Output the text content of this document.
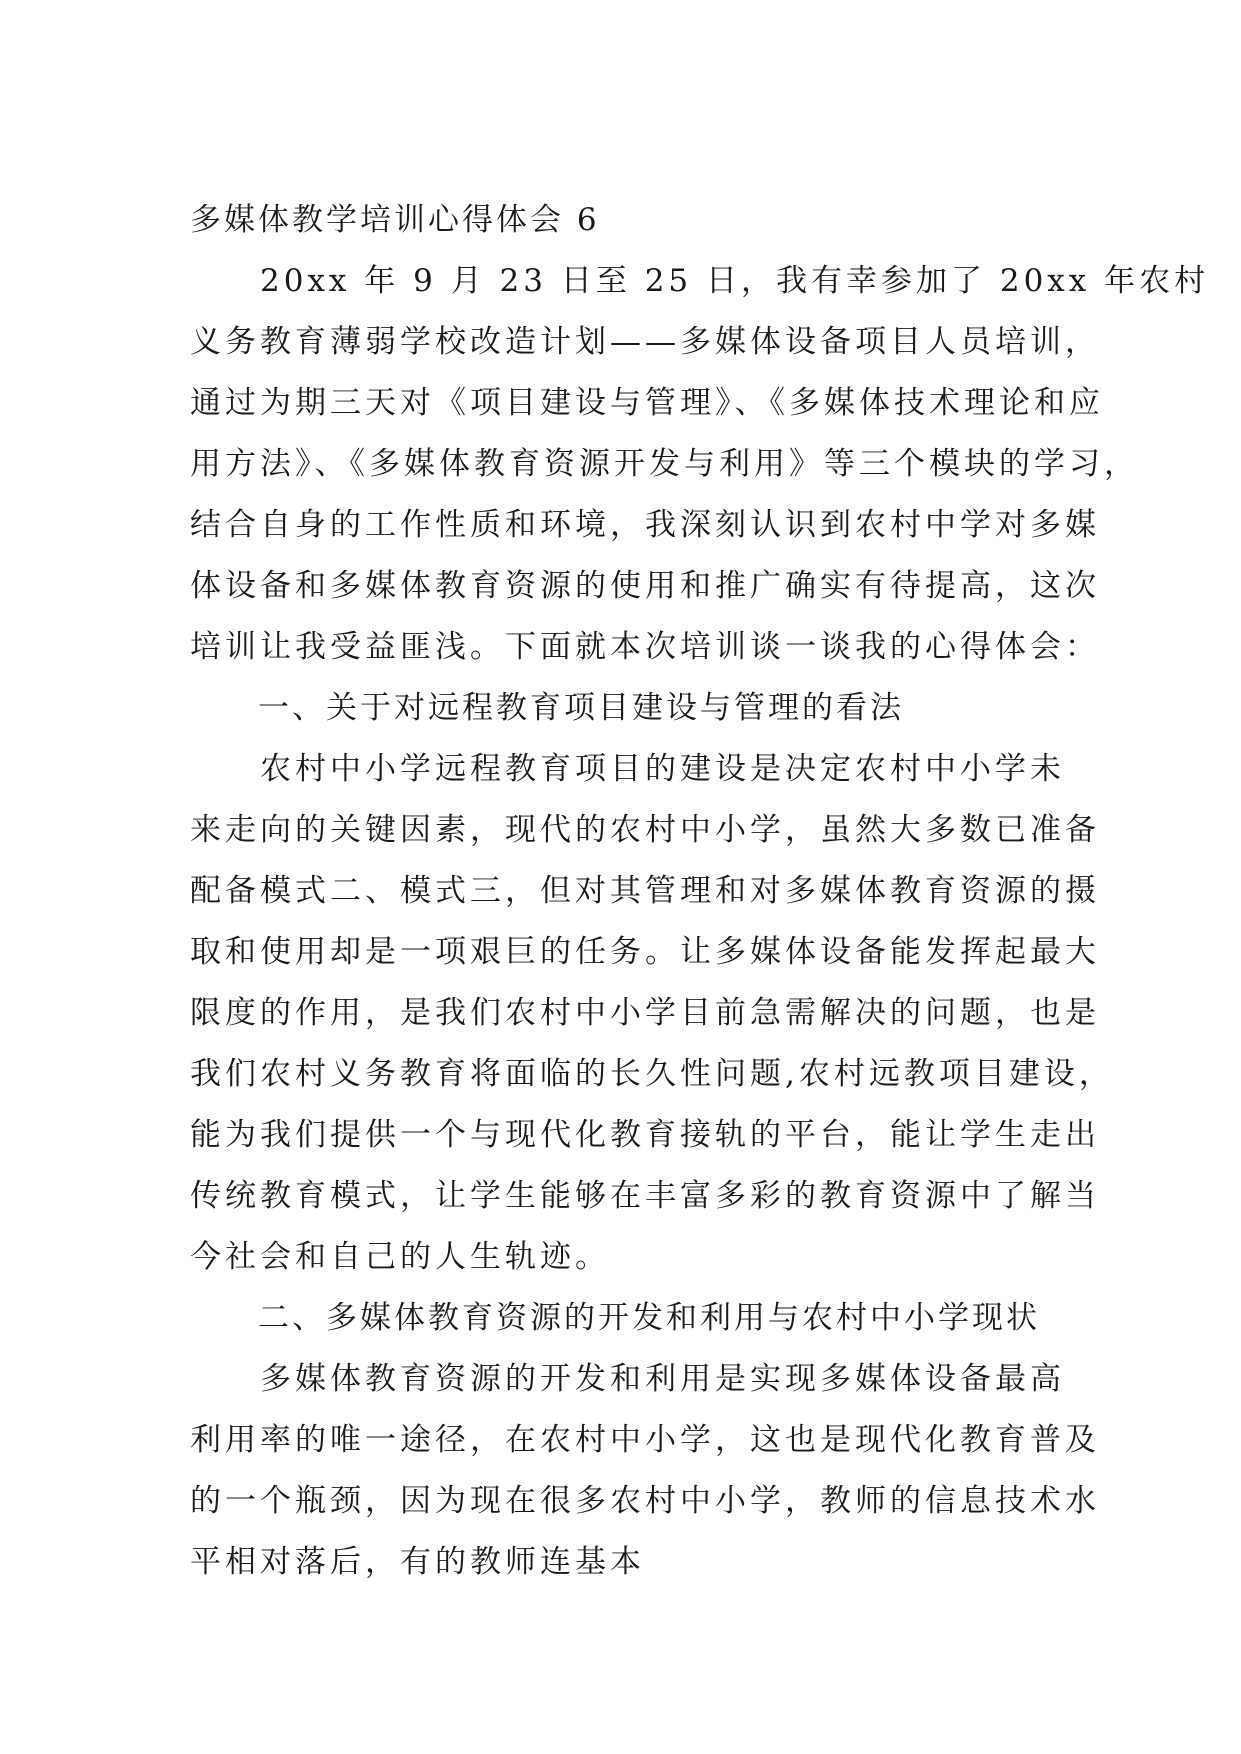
多媒体教学培训心得体会 6
　　20xx 年 9 月 23 日至 25 日，我有幸参加了 20xx 年农村
义务教育薄弱学校改造计划——多媒体设备项目人员培训，
通过为期三天对《项目建设与管理》、《多媒体技术理论和应
用方法》、《多媒体教育资源开发与利用》等三个模块的学习，
结合自身的工作性质和环境，我深刻认识到农村中学对多媒
体设备和多媒体教育资源的使用和推广确实有待提高，这次
培训让我受益匪浅。下面就本次培训谈一谈我的心得体会：
　　一、关于对远程教育项目建设与管理的看法
　　农村中小学远程教育项目的建设是决定农村中小学未
来走向的关键因素，现代的农村中小学，虽然大多数已准备
配备模式二、模式三，但对其管理和对多媒体教育资源的摄
取和使用却是一项艰巨的任务。让多媒体设备能发挥起最大
限度的作用，是我们农村中小学目前急需解决的问题，也是
我们农村义务教育将面临的长久性问题,农村远教项目建设，
能为我们提供一个与现代化教育接轨的平台，能让学生走出
传统教育模式，让学生能够在丰富多彩的教育资源中了解当
今社会和自己的人生轨迹。
　　二、多媒体教育资源的开发和利用与农村中小学现状
　　多媒体教育资源的开发和利用是实现多媒体设备最高
利用率的唯一途径，在农村中小学，这也是现代化教育普及
的一个瓶颈，因为现在很多农村中小学，教师的信息技术水
平相对落后，有的教师连基本
